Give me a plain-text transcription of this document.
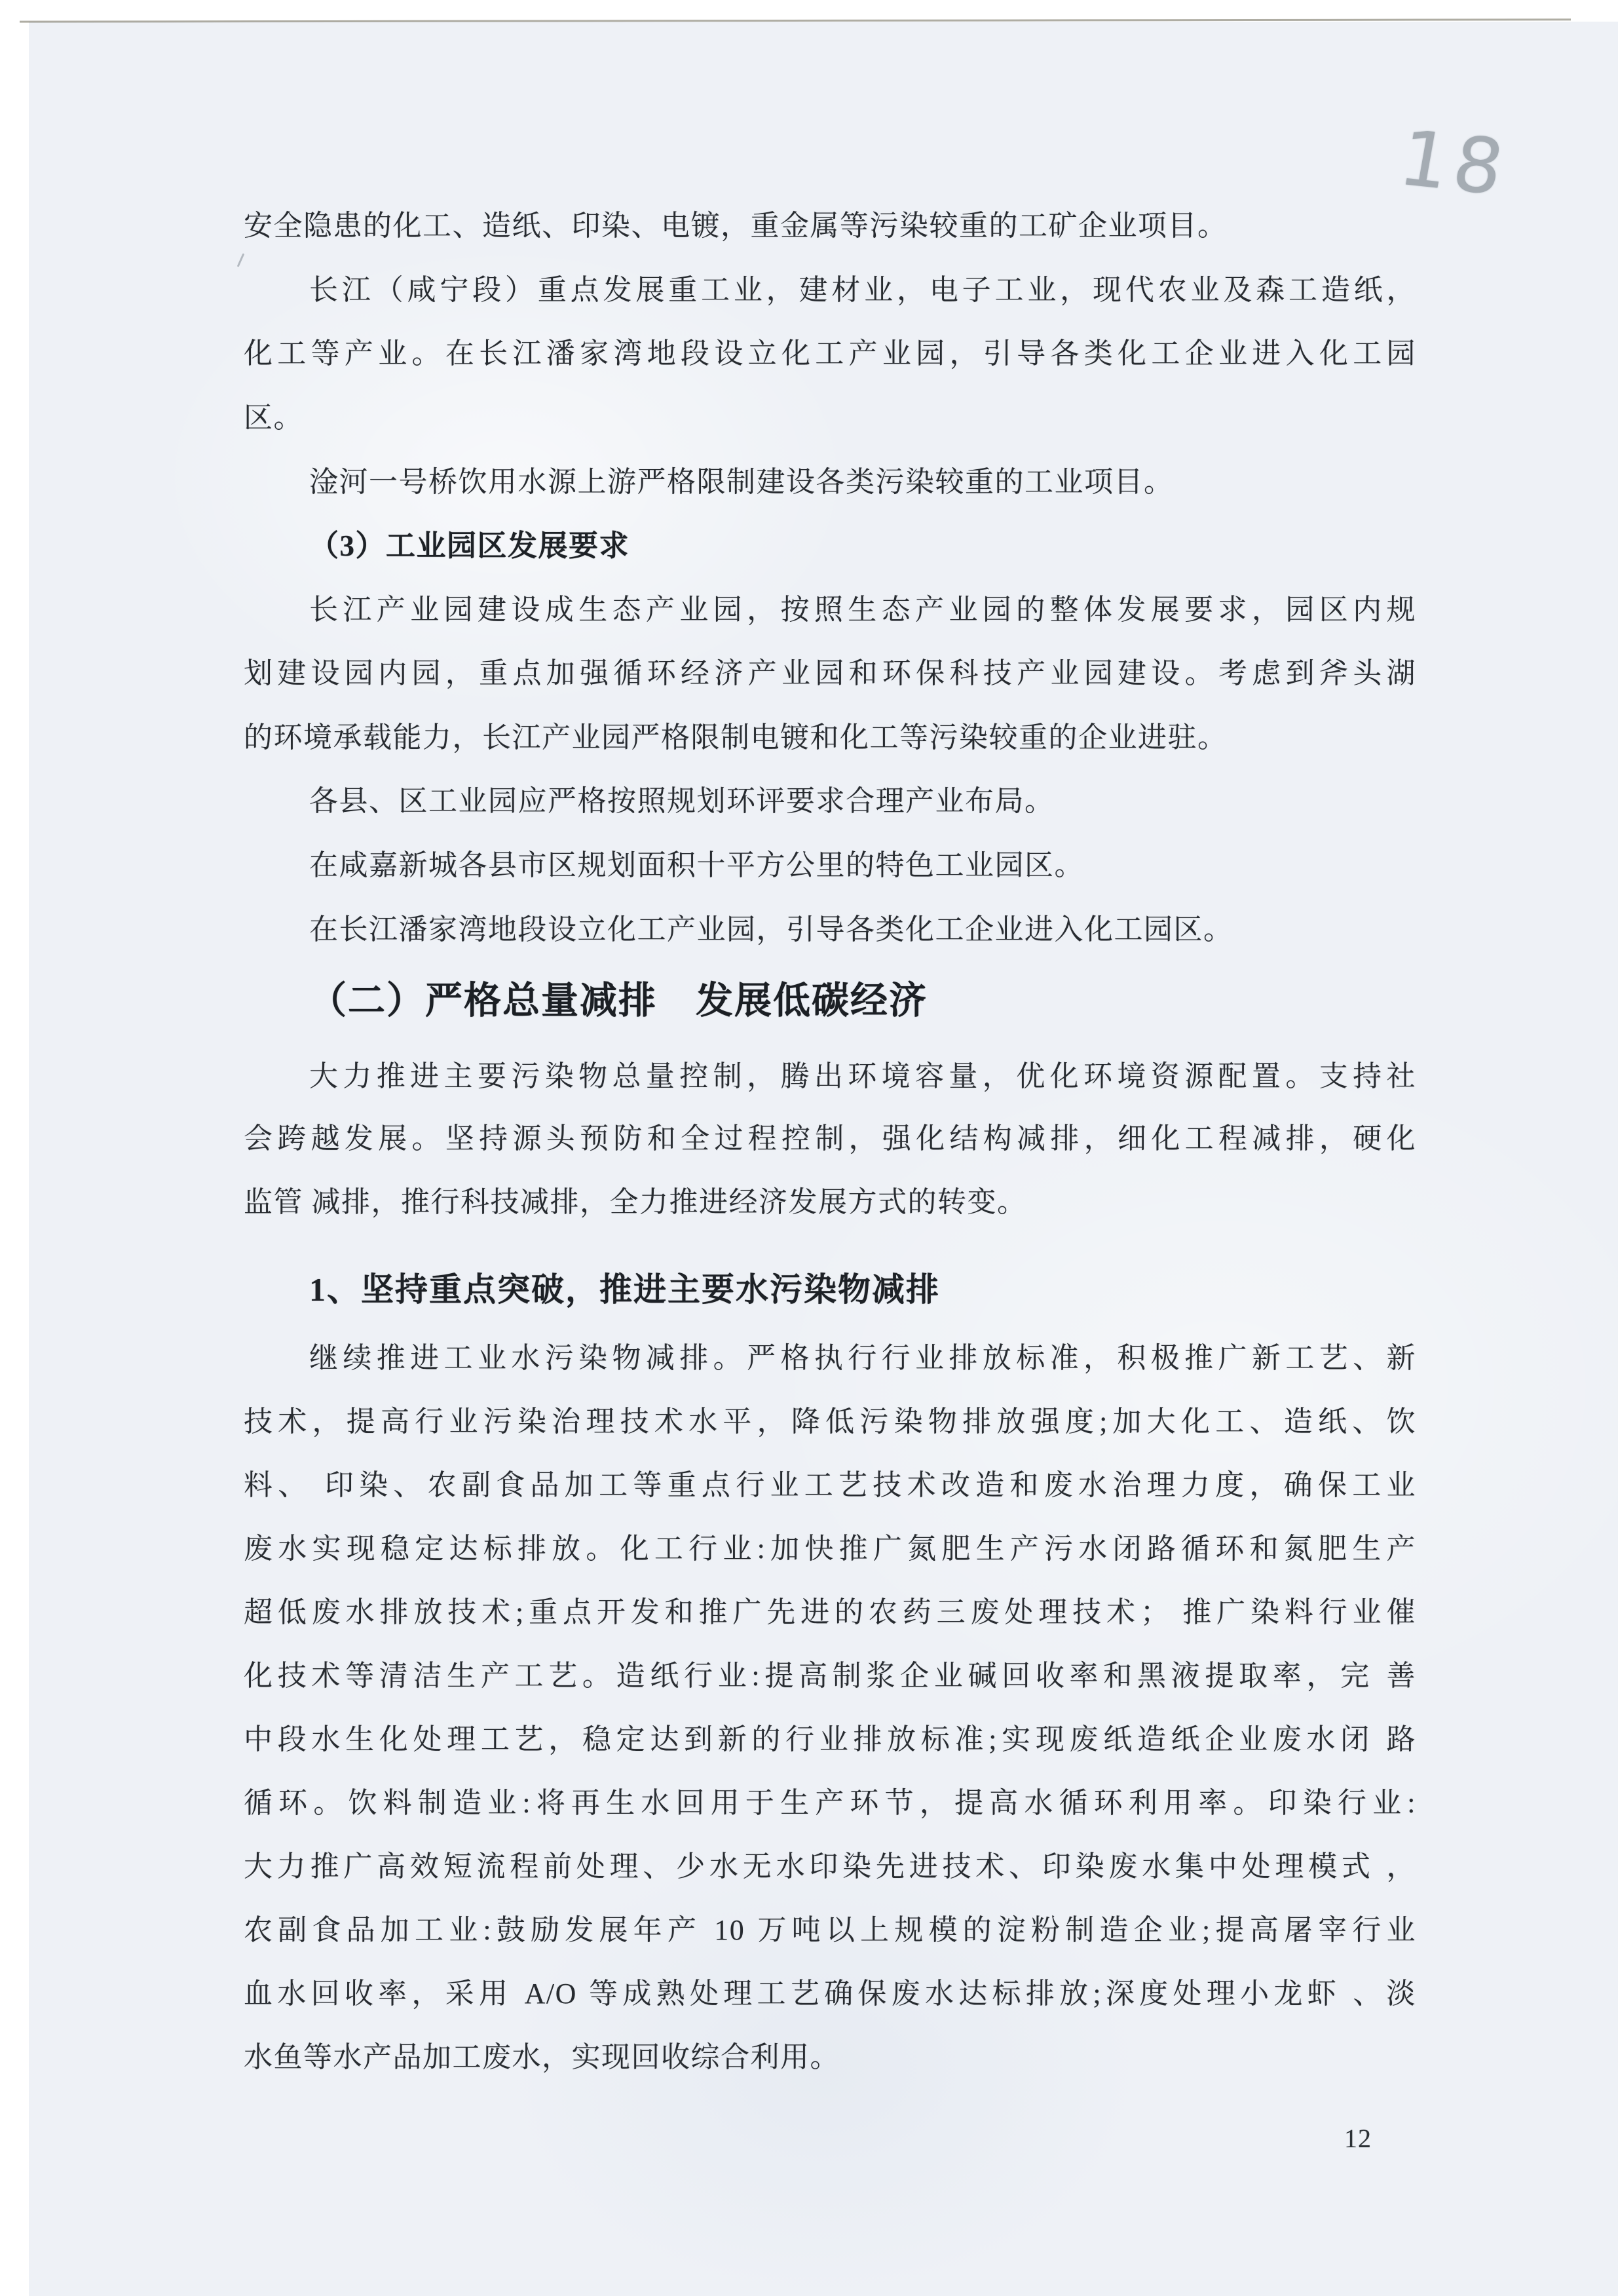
18
安全隐患的化工、造纸、印染、电镀，重金属等污染较重的工矿企业项目。
长江（咸宁段）重点发展重工业，建材业，电子工业，现代农业及森工造纸，
化工等产业。在长江潘家湾地段设立化工产业园，引导各类化工企业进入化工园
区。
淦河一号桥饮用水源上游严格限制建设各类污染较重的工业项目。
（3）工业园区发展要求
长江产业园建设成生态产业园，按照生态产业园的整体发展要求，园区内规
划建设园内园，重点加强循环经济产业园和环保科技产业园建设。考虑到斧头湖
的环境承载能力，长江产业园严格限制电镀和化工等污染较重的企业进驻。
各县、区工业园应严格按照规划环评要求合理产业布局。
在咸嘉新城各县市区规划面积十平方公里的特色工业园区。
在长江潘家湾地段设立化工产业园，引导各类化工企业进入化工园区。
（二）严格总量减排　发展低碳经济
大力推进主要污染物总量控制，腾出环境容量，优化环境资源配置。支持社
会跨越发展。坚持源头预防和全过程控制，强化结构减排，细化工程减排，硬化
监管 减排，推行科技减排，全力推进经济发展方式的转变。
1、坚持重点突破，推进主要水污染物减排
继续推进工业水污染物减排。严格执行行业排放标准，积极推广新工艺、新
技术，提高行业污染治理技术水平，降低污染物排放强度;加大化工、造纸、饮
料、 印染、农副食品加工等重点行业工艺技术改造和废水治理力度，确保工业
废水实现稳定达标排放。化工行业:加快推广氮肥生产污水闭路循环和氮肥生产
超低废水排放技术;重点开发和推广先进的农药三废处理技术； 推广染料行业催
化技术等清洁生产工艺。造纸行业:提高制浆企业碱回收率和黑液提取率，完 善
中段水生化处理工艺，稳定达到新的行业排放标准;实现废纸造纸企业废水闭 路
循环。饮料制造业:将再生水回用于生产环节，提高水循环利用率。印染行业:
大力推广高效短流程前处理、少水无水印染先进技术、印染废水集中处理模式 ，
农副食品加工业:鼓励发展年产 10 万吨以上规模的淀粉制造企业;提高屠宰行业
血水回收率，采用 A/O 等成熟处理工艺确保废水达标排放;深度处理小龙虾 、淡
水鱼等水产品加工废水，实现回收综合利用。
12
